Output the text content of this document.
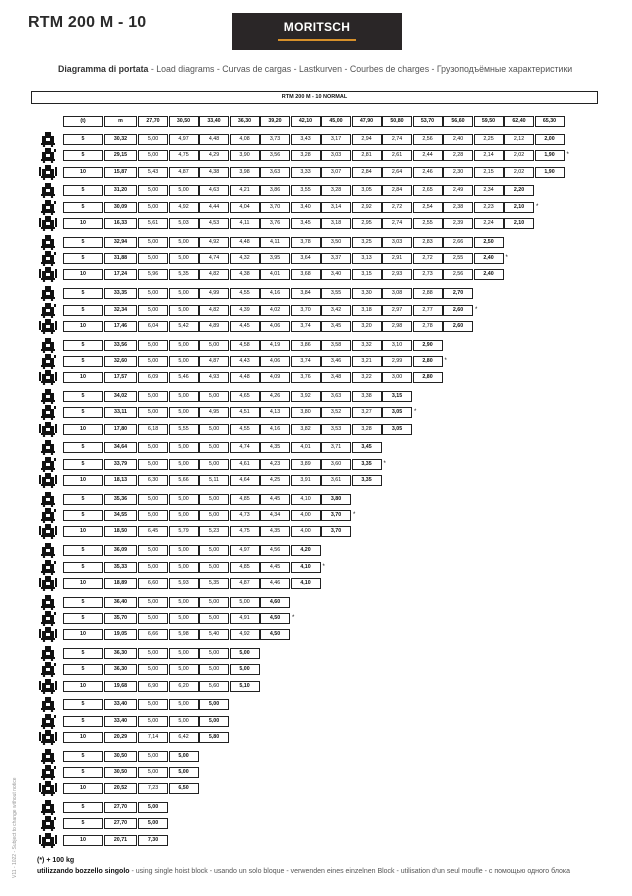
RTM 200 M - 10	MORITSCH
Diagramma di portata - Load diagrams - Curvas de cargas - Lastkurven - Courbes de charges - Грузоподъёмные характеристики
RTM 200 M - 10 NORMAL
(t)	m	27,70	30,50	33,40	36,30	39,20	42,10	45,00	47,90	50,80	53,70	56,60	59,50	62,40	65,30
5	30,32	5,00	4,97	4,48	4,08	3,73	3,43	3,17	2,94	2,74	2,56	2,40	2,25	2,12	2,00
5	29,15	5,00	4,75	4,29	3,90	3,56	3,28	3,03	2,81	2,61	2,44	2,28	2,14	2,02	1,90	*
10	15,87	5,43	4,87	4,38	3,98	3,63	3,33	3,07	2,84	2,64	2,46	2,30	2,15	2,02	1,90
5	31,20	5,00	5,00	4,63	4,21	3,86	3,55	3,28	3,05	2,84	2,65	2,49	2,34	2,20
5	30,09	5,00	4,92	4,44	4,04	3,70	3,40	3,14	2,92	2,72	2,54	2,38	2,23	2,10	*
10	16,33	5,61	5,03	4,53	4,11	3,76	3,45	3,18	2,95	2,74	2,55	2,39	2,24	2,10
5	32,94	5,00	5,00	4,92	4,48	4,11	3,78	3,50	3,25	3,03	2,83	2,66	2,50
5	31,88	5,00	5,00	4,74	4,32	3,95	3,64	3,37	3,13	2,91	2,72	2,55	2,40	*
10	17,24	5,96	5,35	4,82	4,38	4,01	3,68	3,40	3,15	2,93	2,73	2,56	2,40
5	33,35	5,00	5,00	4,99	4,55	4,16	3,84	3,55	3,30	3,08	2,88	2,70
5	32,34	5,00	5,00	4,82	4,39	4,02	3,70	3,42	3,18	2,97	2,77	2,60	*
10	17,46	6,04	5,42	4,89	4,45	4,06	3,74	3,45	3,20	2,98	2,78	2,60
5	33,56	5,00	5,00	5,00	4,58	4,19	3,86	3,58	3,32	3,10	2,90
5	32,60	5,00	5,00	4,87	4,43	4,06	3,74	3,46	3,21	2,99	2,80	*
10	17,57	6,09	5,46	4,93	4,48	4,09	3,76	3,48	3,22	3,00	2,80
5	34,02	5,00	5,00	5,00	4,65	4,26	3,92	3,63	3,38	3,15
5	33,11	5,00	5,00	4,95	4,51	4,13	3,80	3,52	3,27	3,05	*
10	17,80	6,18	5,55	5,00	4,55	4,16	3,82	3,53	3,28	3,05
5	34,64	5,00	5,00	5,00	4,74	4,35	4,01	3,71	3,45
5	33,79	5,00	5,00	5,00	4,61	4,23	3,89	3,60	3,35	*
10	18,13	6,30	5,66	5,11	4,64	4,25	3,91	3,61	3,35
5	35,36	5,00	5,00	5,00	4,85	4,45	4,10	3,80
5	34,55	5,00	5,00	5,00	4,73	4,34	4,00	3,70	*
10	18,50	6,45	5,79	5,23	4,75	4,35	4,00	3,70
5	36,09	5,00	5,00	5,00	4,97	4,56	4,20
5	35,33	5,00	5,00	5,00	4,85	4,45	4,10	*
10	18,89	6,60	5,93	5,35	4,87	4,46	4,10
5	36,40	5,00	5,00	5,00	5,00	4,60
5	35,70	5,00	5,00	5,00	4,91	4,50	*
10	19,05	6,66	5,98	5,40	4,92	4,50
5	36,30	5,00	5,00	5,00	5,00
5	36,30	5,00	5,00	5,00	5,00
10	19,68	6,90	6,20	5,60	5,10
5	33,40	5,00	5,00	5,00
5	33,40	5,00	5,00	5,00
10	20,29	7,14	6,42	5,80
5	30,50	5,00	5,00
5	30,50	5,00	5,00
10	20,52	7,23	6,50
5	27,70	5,00
5	27,70	5,00
10	20,71	7,30
(*) + 100 kg
utilizzando bozzello singolo - using single hoist block - usando un solo bloque - verwenden eines einzelnen Block - utilisation d'un seul moufle - с помощью одного блока
V11 - 1022 - Subject to change without notice
